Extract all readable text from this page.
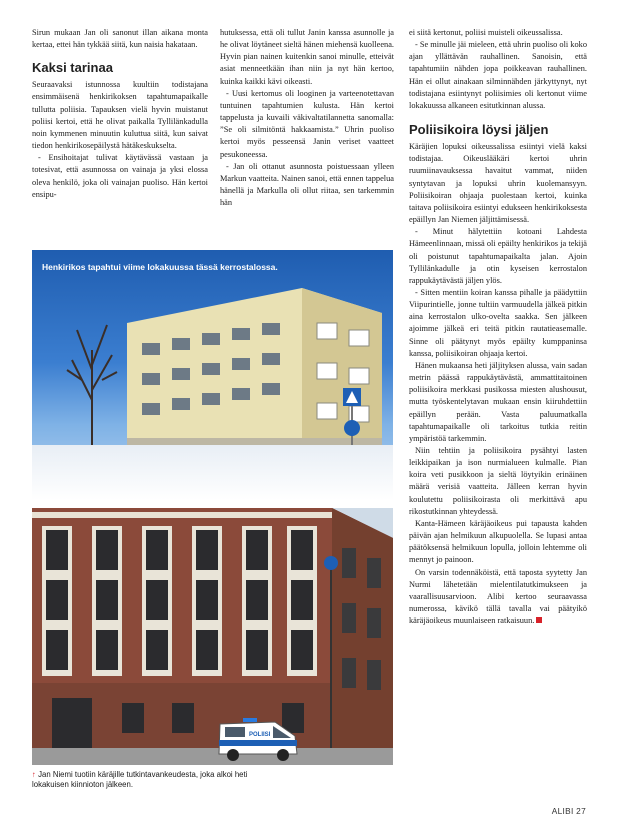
Sirun mukaan Jan oli sanonut illan aikana monta kertaa, ettei hän tykkää siitä, kun naisia hakataan.

Kaksi tarinaa

Seuraavaksi istunnossa kuultiin todistajana ensimmäisenä henkirikoksen tapahtumapaikalle tullutta poliisia. Tapauksen vielä hyvin muistanut poliisi kertoi, että he olivat paikalla Tyllilänkadulla noin kymmenen minuutin kuluttua siitä, kun saivat tiedon henkirikosepäilystä hätäkeskukselta.

- Ensihoitajat tulivat käytävässä vastaan ja totesivat, että asunnossa on vainaja ja yksi elossa oleva henkilö, joka oli vainajan puoliso. Hän kertoi ensipu-

hutuksessa, että oli tullut Janin kanssa asunnolle ja he olivat löytäneet sieltä hänen miehensä kuolleena. Hyvin pian nainen kuitenkin sanoi minulle, etteivät asiat menneetkään ihan niin ja nyt hän kertoo, kuinka kaikki kävi oikeasti.

- Uusi kertomus oli looginen ja varteenotettavan tuntuinen tapahtumien kulusta. Hän kertoi tappelusta ja kuvaili väkivaltatilannetta sanomalla: ”Se oli silmitöntä hakkaamista.” Uhrin puoliso kertoi myös pesseensä Janin veriset vaatteet pesukoneessa.

- Jan oli ottanut asunnosta poistuessaan ylleen Markun vaatteita. Nainen sanoi, että ennen tappelua hänellä ja Markulla oli ollut riitaa, sen tarkemmin hän

ei siitä kertonut, poliisi muisteli oikeussalissa.

- Se minulle jäi mieleen, että uhrin puoliso oli koko ajan yllättävän rauhallinen. Sanoisin, että tapahtumiin nähden jopa poikkeavan rauhallinen. Hän ei ollut ainakaan silminnähden järkyttynyt, nyt todistajana esiintynyt poliisimies oli kertonut viime lokakuussa alkaneen esitutkinnan alussa.

Poliisikoira löysi jäljen

Käräjien lopuksi oikeussalissa esiintyi vielä kaksi todistajaa. Oikeuslääkäri kertoi uhrin ruumiinavauksessa havaitut vammat, niiden syntytavan ja lopuksi uhrin kuolemansyyn. Poliisikoiran ohjaaja puolestaan kertoi, kuinka taitava poliisikoira esiintyi edukseen henkirikoksesta epäillyn Jan Niemen jäljittämisessä.

- Minut hälytettiin kotoani Lahdesta Hämeenlinnaan, missä oli epäilty henkirikos ja tekijä oli poistunut tapahtumapaikalta jalan. Ajoin Tyllilänkadulle ja otin kyseisen kerrostalon rappukäytävästä jäljen ylös.

- Sitten mentiin koiran kanssa pihalle ja päädyttiin Viipurintielle, jonne tultiin varmuudella jälkeä pitkin aina kerrostalon ulko-ovelta saakka. Sen jälkeen ajoimme jälkeä eri teitä pitkin rautatieasemalle. Sinne oli päätynyt myös epäilty kumppaninsa kanssa, poliisikoiran ohjaaja kertoi.

Hänen mukaansa heti jäljityksen alussa, vain sadan metrin päässä rappukäytävästä, ammattitaitoinen poliisikoira merkkasi pusikossa miesten alushousut, mutta työskentelytavan mukaan ensin kiiruhdettiin epäillyn perään. Vasta paluumatkalla tapahtumapaikalle oli tarkoitus tutkia reitin ympäristöä tarkemmin.

Niin tehtiin ja poliisikoira pysähtyi lasten leikkipaikan ja ison nurmialueen kulmalle. Pian koira veti pusikkoon ja sieltä löytyikin erinäinen määrä verisiä vaatteita. Jälleen kerran hyvin koulutettu poliisikoirasta oli merkittävä apu rikostutkinnan yhteydessä.

Kanta-Hämeen käräjäoikeus pui tapausta kahden päivän ajan helmikuun alkupuolella. Se lupasi antaa päätöksensä helmikuun lopulla, jolloin lehtemme oli mennyt jo painoon.

On varsin todennäköistä, että taposta syytetty Jan Nurmi lähetetään mielentilatutkimukseen ja vaarallisuusarvioon. Alibi kertoo seuraavassa numerossa, kävikö tällä tavalla vai päätyikö käräjäoikeus muunlaiseen ratkaisuun.

Henkirikos tapahtui viime lokakuussa tässä kerrostalossa.
POLIISI
↑ Jan Niemi tuotiin käräjille tutkintavankeudesta, joka alkoi heti lokakuisen kiinnioton jälkeen.
ALIBI 27
